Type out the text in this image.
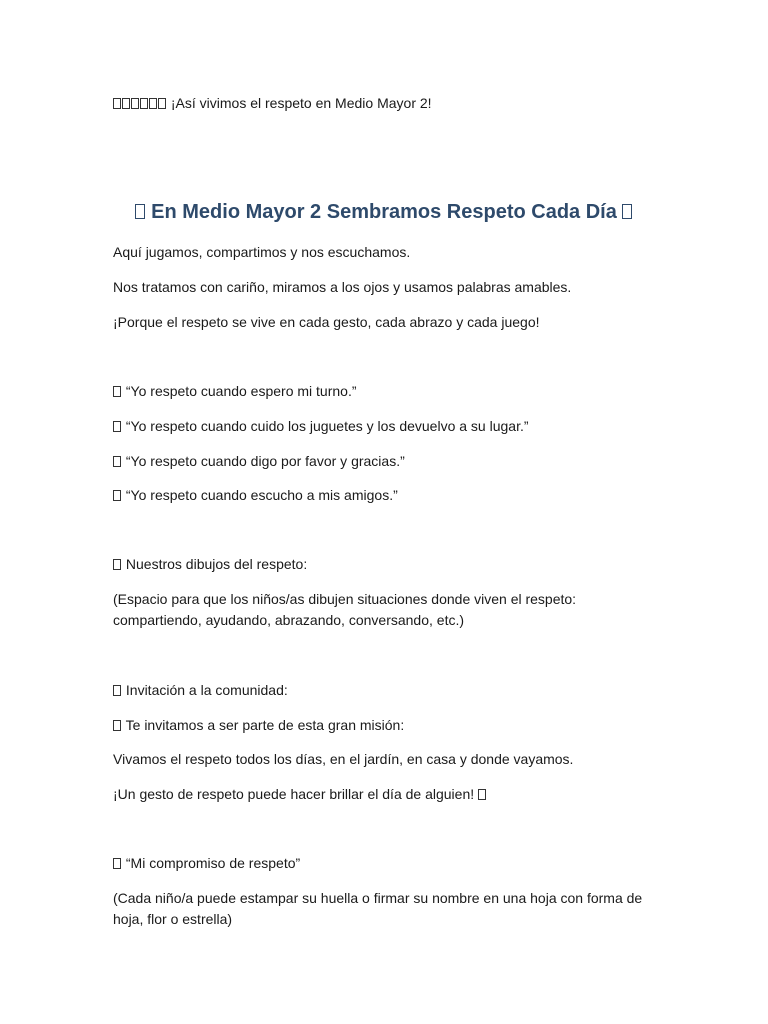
¡Así vivimos el respeto en Medio Mayor 2!
En Medio Mayor 2 Sembramos Respeto Cada Día
Aquí jugamos, compartimos y nos escuchamos.
Nos tratamos con cariño, miramos a los ojos y usamos palabras amables.
¡Porque el respeto se vive en cada gesto, cada abrazo y cada juego!
“Yo respeto cuando espero mi turno.”
“Yo respeto cuando cuido los juguetes y los devuelvo a su lugar.”
“Yo respeto cuando digo por favor y gracias.”
“Yo respeto cuando escucho a mis amigos.”
Nuestros dibujos del respeto:
(Espacio para que los niños/as dibujen situaciones donde viven el respeto: compartiendo, ayudando, abrazando, conversando, etc.)
Invitación a la comunidad:
Te invitamos a ser parte de esta gran misión:
Vivamos el respeto todos los días, en el jardín, en casa y donde vayamos.
¡Un gesto de respeto puede hacer brillar el día de alguien!
“Mi compromiso de respeto”
(Cada niño/a puede estampar su huella o firmar su nombre en una hoja con forma de hoja, flor o estrella)
